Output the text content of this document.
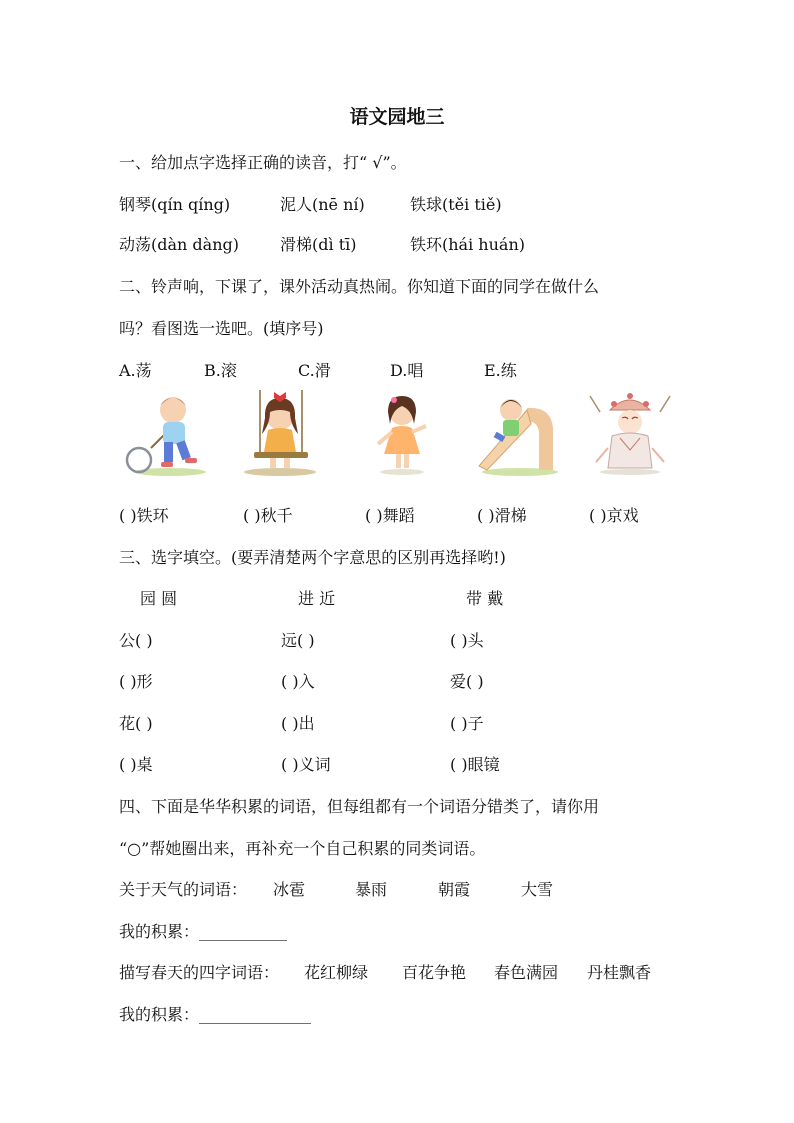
语文园地三
一、给加点字选择正确的读音，打“ √”。
钢琴(qín qíng)	泥人(nē ní)	铁球(těi tiě)
动荡(dàn dàng)	滑梯(dì tī)	铁环(hái huán)
二、铃声响，下课了，课外活动真热闹。你知道下面的同学在做什么
吗？看图选一选吧。(填序号)
A.荡	B.滚	C.滑	D.唱	E.练
( )铁环	( )秋千	( )舞蹈	( )滑梯	( )京戏
三、选字填空。(要弄清楚两个字意思的区别再选择哟!)
园 圆	进 近	带 戴
公( )	远( )	( )头
( )形	( )入	爱( )
花( )	( )出	( )子
( )桌	( )义词	( )眼镜
四、下面是华华积累的词语，但每组都有一个词语分错类了，请你用
“○”帮她圈出来，再补充一个自己积累的同类词语。
关于天气的词语： 冰雹	暴雨	朝霞	大雪
我的积累：___________
描写春天的四字词语： 花红柳绿 百花争艳 春色满园 丹桂飘香
我的积累：______________
